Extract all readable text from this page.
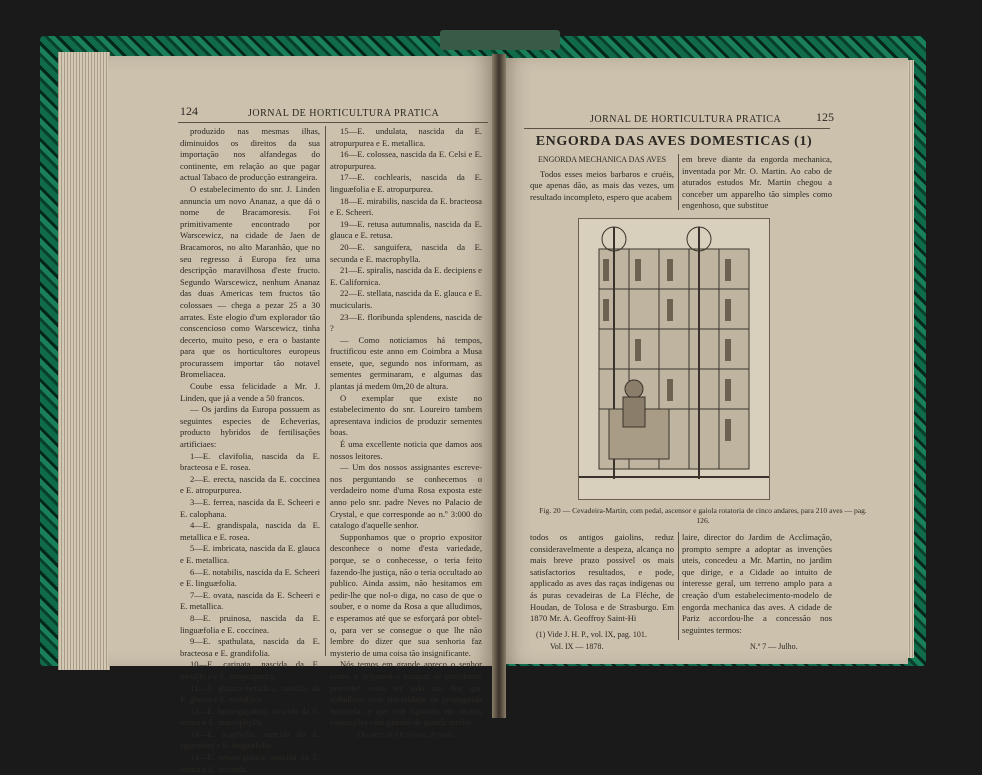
124	JORNAL DE HORTICULTURA PRATICA

produzido nas mesmas ilhas, diminuidos os direitos da sua importação nos alfandegas do continente, em relação ao que pagar actual Tabaco de producção estrangeira.

O estabelecimento do snr. J. Linden annuncia um novo Ananaz, a que dá o nome de Bracamoresis. Foi primitivamente encontrado por Warscewicz, na cidade de Jaen de Bracamoros, no alto Maranhão, que no seu regresso á Europa fez uma descripção maravilhosa d'este fructo. Segundo Warscewicz, nenhum Ananaz das duas Americas tem fructos tão colossaes — chega a pezar 25 a 30 arrates. Este elogio d'um explorador tão conscencioso como Warscewicz, tinha decerto, muito peso, e era o bastante para que os horticultores europeus procurassem importar tão notavel Bromeliacea.

Coube essa felicidade a Mr. J. Linden, que já a vende a 50 francos.

— Os jardins da Europa possuem as seguintes especies de Echeverias, producto hybridos de fertilisações artificiaes:

1—E. clavifolia, nascida da E. bracteosa e E. rosea.

2—E. erecta, nascida da E. coccinea e E. atropurpurea.

3—E. ferrea, nascida da E. Scheeri e E. calophana.

4—E. grandispala, nascida da E. metallica e E. rosea.

5—E. imbricata, nascida da E. glauca e E. metallica.

6—E. notabilis, nascida da E. Scheeri e E. linguæfolia.

7—E. ovata, nascida da E. Scheeri e E. metallica.

8—E. pruinosa, nascida da E. linguæfolia e E. coccinea.

9—E. spathulata, nascida da E. bracteosa e E. grandifolia.

10—E. carinata, nascida da E. metallica e E. atropurpurea.

11—E. glauco-metallica, nascida da E. glauca e E. metallica.

12—E. lutea-gigantea, nascida da E. retusa e E. macrophylla.

13—E. scaphylla, nascida da E. agavoides e E. linguæfolia.

14—E. retuso-glauca, nascida da E. retusa e E. secunda.

15—E. undulata, nascida da E. atropurpurea e E. metallica.

16—E. colossea, nascida da E. Celsi e E. atropurpurea.

17—E. cochlearis, nascida da E. linguæfolia e E. atropurpurea.

18—E. mirabilis, nascida da E. bracteosa e E. Scheeri.

19—E. retusa autumnalis, nascida da E. glauca e E. retusa.

20—E. sanguifera, nascida da E. secunda e E. macrophylla.

21—E. spiralis, nascida da E. decipiens e E. Californica.

22—E. stellata, nascida da E. glauca e E. mucicularis.

23—E. floribunda splendens, nascida de ?

— Como noticiamos há tempos, fructificou este anno em Coimbra a Musa ensete, que, segundo nos informam, as sementes germinaram, e algumas das plantas já medem 0m,20 de altura.

O exemplar que existe no estabelecimento do snr. Loureiro tambem apresentava indicios de produzir sementes boas.

É uma excellente noticia que damos aos nossos leitores.

— Um dos nossos assignantes escreve-nos perguntando se conhecemos o verdadeiro nome d'uma Rosa exposta este anno pelo snr. padre Neves no Palacio de Crystal, e que corresponde ao n.º 3:000 do catalogo d'aquelle senhor.

Supponhamos que o proprio expositor desconhece o nome d'esta variedade, porque, se o conhecesse, o teria feito fazendo-lhe justiça, não o teria occultado ao publico. Ainda assim, não hesitamos em pedir-lhe que nol-o diga, no caso de que o souber, e o nome da Rosa a que alludimos, e esperamos até que se esforçará por obtel-o, para ver se consegue o que lhe não lembre do dizer que sua senhoria faz mysterio de uma coisa tão insignificante.

Nós temos em grande apreço o senhor conto, e julgamol-o incapaz de semilhante proceder, visto ter sido um dos que trabalham com sinceridade na propaganda horticola, e que tem figurado em muitas exposições com plantas de grande merito.

Duarte de Oliveira, Junior.

JORNAL DE HORTICULTURA PRATICA	125
ENGORDA DAS AVES DOMESTICAS (1)
ENGORDA MECHANICA DAS AVES

Todos esses meios barbaros e cruéis, que apenas dão, as mais das vezes, um resultado incompleto, espero que acabem

em breve diante da engorda mechanica, inventada por Mr. O. Martin. Ao cabo de aturados estudos Mr. Martin chegou a conceber um apparelho tão simples como engenhoso, que substitue

Fig. 20 — Cevadeira-Martin, com pedal, ascensor e gaiola rotatoria de cinco andares, para 210 aves — pag. 126.

todos os antigos gaiolins, reduz consideravelmente a despeza, alcança no mais breve prazo possivel os mais satisfactorios resultados, e pode, applicado as aves das raças indigenas ou ás puras cevadeiras de La Fléche, de Houdan, de Tolosa e de Strasburgo. Em 1870 Mr. A. Geoffroy Saint-Hi

laire, director do Jardim de Acclimação, prompto sempre a adoptar as invenções uteis, concedeu a Mr. Martin, no jardim que dirige, e a Cidade ao intuito de interesse geral, um terreno amplo para a creação d'um estabelecimento-modelo de engorda mechanica das aves. A cidade de Pariz accordou-lhe a concessão nos seguintes termos:

(1) Vide J. H. P., vol. IX, pag. 101.
Vol. IX — 1878.	N.º 7 — Julho.
